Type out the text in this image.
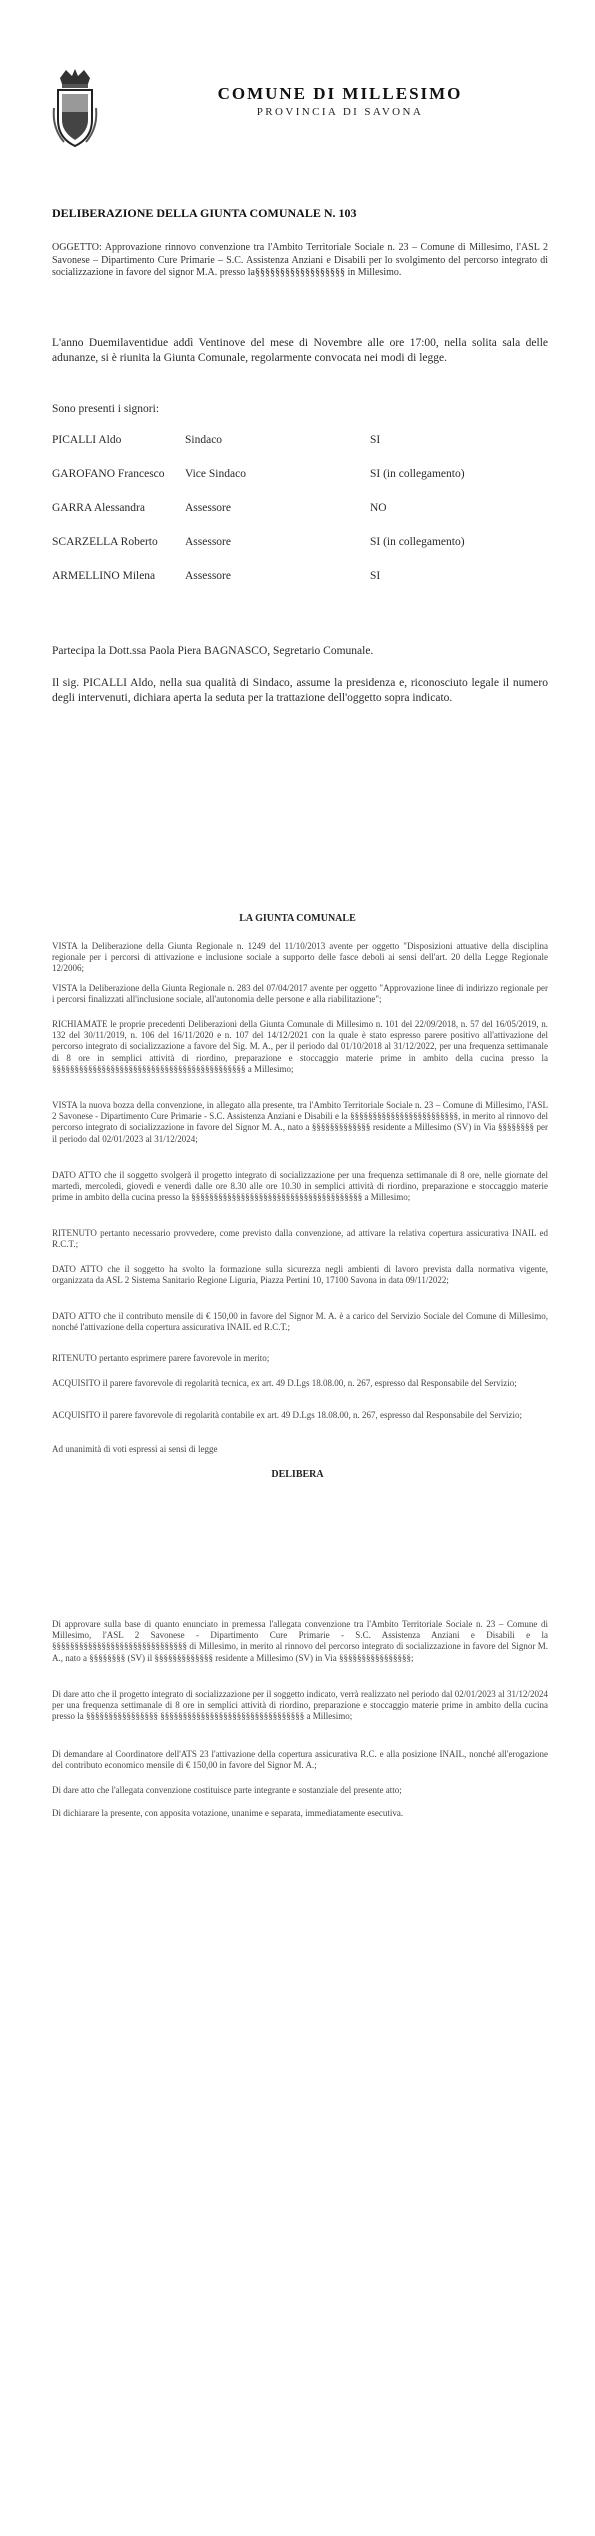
COMUNE DI MILLESIMO
PROVINCIA DI SAVONA
DELIBERAZIONE DELLA GIUNTA COMUNALE N. 103
OGGETTO: Approvazione rinnovo convenzione tra l'Ambito Territoriale Sociale n. 23 – Comune di Millesimo, l'ASL 2 Savonese – Dipartimento Cure Primarie – S.C. Assistenza Anziani e Disabili per lo svolgimento del percorso integrato di socializzazione in favore del signor M.A. presso la§§§§§§§§§§§§§§§§§§ in Millesimo.
L'anno Duemilaventidue addì Ventinove del mese di Novembre alle ore 17:00, nella solita sala delle adunanze, si è riunita la Giunta Comunale, regolarmente convocata nei modi di legge.
Sono presenti i signori:
PICALLI Aldo	Sindaco	SI
GAROFANO Francesco Vice Sindaco	SI (in collegamento)
GARRA Alessandra	Assessore	NO
SCARZELLA Roberto Assessore	SI (in collegamento)
ARMELLINO Milena	Assessore	SI
Partecipa la Dott.ssa Paola Piera BAGNASCO, Segretario Comunale.
Il sig. PICALLI Aldo, nella sua qualità di Sindaco, assume la presidenza e, riconosciuto legale il numero degli intervenuti, dichiara aperta la seduta per la trattazione dell'oggetto sopra indicato.
LA GIUNTA COMUNALE
VISTA la Deliberazione della Giunta Regionale n. 1249 del 11/10/2013 avente per oggetto "Disposizioni attuative della disciplina regionale per i percorsi di attivazione e inclusione sociale a supporto delle fasce deboli ai sensi dell'art. 20 della Legge Regionale 12/2006;
VISTA la Deliberazione della Giunta Regionale n. 283 del 07/04/2017 avente per oggetto "Approvazione linee di indirizzo regionale per i percorsi finalizzati all'inclusione sociale, all'autonomia delle persone e alla riabilitazione";
RICHIAMATE le proprie precedenti Deliberazioni della Giunta Comunale di Millesimo n. 101 del 22/09/2018, n. 57 del 16/05/2019, n. 132 del 30/11/2019, n. 106 del 16/11/2020 e n. 107 del 14/12/2021 con la quale è stato espresso parere positivo all'attivazione del percorso integrato di socializzazione a favore del Sig. M. A., per il periodo dal 01/10/2018 al 31/12/2022, per una frequenza settimanale di 8 ore in semplici attività di riordino, preparazione e stoccaggio materie prime in ambito della cucina presso la §§§§§§§§§§§§§§§§§§§§§§§§§§§§§§§§§§§§§§§§§§§ a Millesimo;
VISTA la nuova bozza della convenzione, in allegato alla presente, tra l'Ambito Territoriale Sociale n. 23 – Comune di Millesimo, l'ASL 2 Savonese - Dipartimento Cure Primarie - S.C. Assistenza Anziani e Disabili e la §§§§§§§§§§§§§§§§§§§§§§§§, in merito al rinnovo del percorso integrato di socializzazione in favore del Signor M. A., nato a §§§§§§§§§§§§§ residente a Millesimo (SV) in Via §§§§§§§§ per il periodo dal 02/01/2023 al 31/12/2024;
DATO ATTO che il soggetto svolgerà il progetto integrato di socializzazione per una frequenza settimanale di 8 ore, nelle giornate del martedì, mercoledì, giovedì e venerdì dalle ore 8.30 alle ore 10.30 in semplici attività di riordino, preparazione e stoccaggio materie prime in ambito della cucina presso la §§§§§§§§§§§§§§§§§§§§§§§§§§§§§§§§§§§§§§ a Millesimo;
RITENUTO pertanto necessario provvedere, come previsto dalla convenzione, ad attivare la relativa copertura assicurativa INAIL ed R.C.T.;
DATO ATTO che il soggetto ha svolto la formazione sulla sicurezza negli ambienti di lavoro prevista dalla normativa vigente, organizzata da ASL 2 Sistema Sanitario Regione Liguria, Piazza Pertini 10, 17100 Savona in data 09/11/2022;
DATO ATTO che il contributo mensile di € 150,00 in favore del Signor M. A. è a carico del Servizio Sociale del Comune di Millesimo, nonché l'attivazione della copertura assicurativa INAIL ed R.C.T.;
RITENUTO pertanto esprimere parere favorevole in merito;
ACQUISITO il parere favorevole di regolarità tecnica, ex art. 49 D.Lgs 18.08.00, n. 267, espresso dal Responsabile del Servizio;
ACQUISITO il parere favorevole di regolarità contabile ex art. 49 D.Lgs 18.08.00, n. 267, espresso dal Responsabile del Servizio;
Ad unanimità di voti espressi ai sensi di legge
DELIBERA
Di approvare sulla base di quanto enunciato in premessa l'allegata convenzione tra l'Ambito Territoriale Sociale n. 23 – Comune di Millesimo, l'ASL 2 Savonese - Dipartimento Cure Primarie - S.C. Assistenza Anziani e Disabili e la §§§§§§§§§§§§§§§§§§§§§§§§§§§§§§ di Millesimo, in merito al rinnovo del percorso integrato di socializzazione in favore del Signor M. A., nato a §§§§§§§§ (SV) il §§§§§§§§§§§§§ residente a Millesimo (SV) in Via §§§§§§§§§§§§§§§§;
Di dare atto che il progetto integrato di socializzazione per il soggetto indicato, verrà realizzato nel periodo dal 02/01/2023 al 31/12/2024 per una frequenza settimanale di 8 ore in semplici attività di riordino, preparazione e stoccaggio materie prime in ambito della cucina presso la §§§§§§§§§§§§§§§§ §§§§§§§§§§§§§§§§§§§§§§§§§§§§§§§§ a Millesimo;
Di demandare al Coordinatore dell'ATS 23 l'attivazione della copertura assicurativa R.C. e alla posizione INAIL, nonché all'erogazione del contributo economico mensile di € 150,00 in favore del Signor M. A.;
Di dare atto che l'allegata convenzione costituisce parte integrante e sostanziale del presente atto;
Di dichiarare la presente, con apposita votazione, unanime e separata, immediatamente esecutiva.
